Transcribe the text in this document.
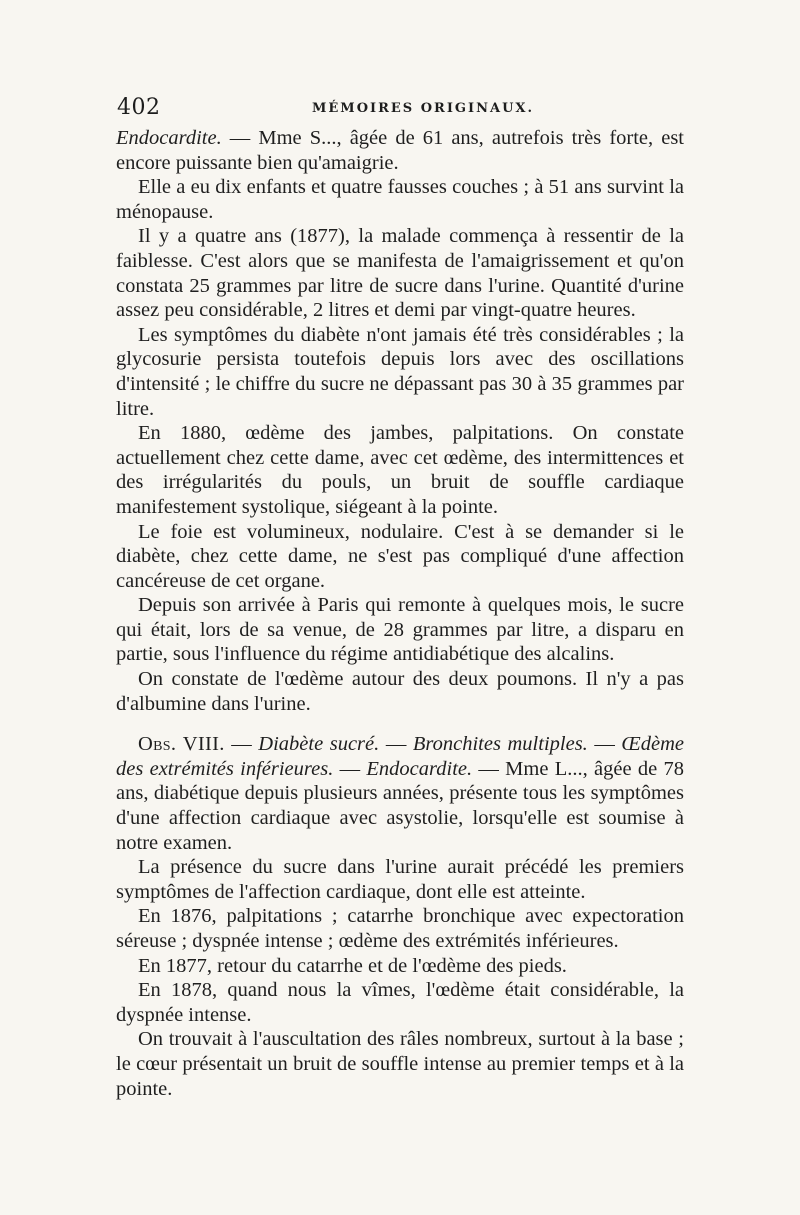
402	MÉMOIRES ORIGINAUX.

Endocardite. — Mme S..., âgée de 61 ans, autrefois très forte, est encore puissante bien qu'amaigrie.

Elle a eu dix enfants et quatre fausses couches ; à 51 ans survint la ménopause.

Il y a quatre ans (1877), la malade commença à ressentir de la faiblesse. C'est alors que se manifesta de l'amaigrissement et qu'on constata 25 grammes par litre de sucre dans l'urine. Quantité d'urine assez peu considérable, 2 litres et demi par vingt-quatre heures.

Les symptômes du diabète n'ont jamais été très considérables ; la glycosurie persista toutefois depuis lors avec des oscillations d'intensité ; le chiffre du sucre ne dépassant pas 30 à 35 grammes par litre.

En 1880, œdème des jambes, palpitations. On constate actuellement chez cette dame, avec cet œdème, des intermittences et des irrégularités du pouls, un bruit de souffle cardiaque manifestement systolique, siégeant à la pointe.

Le foie est volumineux, nodulaire. C'est à se demander si le diabète, chez cette dame, ne s'est pas compliqué d'une affection cancéreuse de cet organe.

Depuis son arrivée à Paris qui remonte à quelques mois, le sucre qui était, lors de sa venue, de 28 grammes par litre, a disparu en partie, sous l'influence du régime antidiabétique des alcalins.

On constate de l'œdème autour des deux poumons. Il n'y a pas d'albumine dans l'urine.

Obs. VIII. — Diabète sucré. — Bronchites multiples. — Œdème des extrémités inférieures. — Endocardite. — Mme L..., âgée de 78 ans, diabétique depuis plusieurs années, présente tous les symptômes d'une affection cardiaque avec asystolie, lorsqu'elle est soumise à notre examen.

La présence du sucre dans l'urine aurait précédé les premiers symptômes de l'affection cardiaque, dont elle est atteinte.

En 1876, palpitations ; catarrhe bronchique avec expectoration séreuse ; dyspnée intense ; œdème des extrémités inférieures.

En 1877, retour du catarrhe et de l'œdème des pieds.

En 1878, quand nous la vîmes, l'œdème était considérable, la dyspnée intense.

On trouvait à l'auscultation des râles nombreux, surtout à la base ; le cœur présentait un bruit de souffle intense au premier temps et à la pointe.
